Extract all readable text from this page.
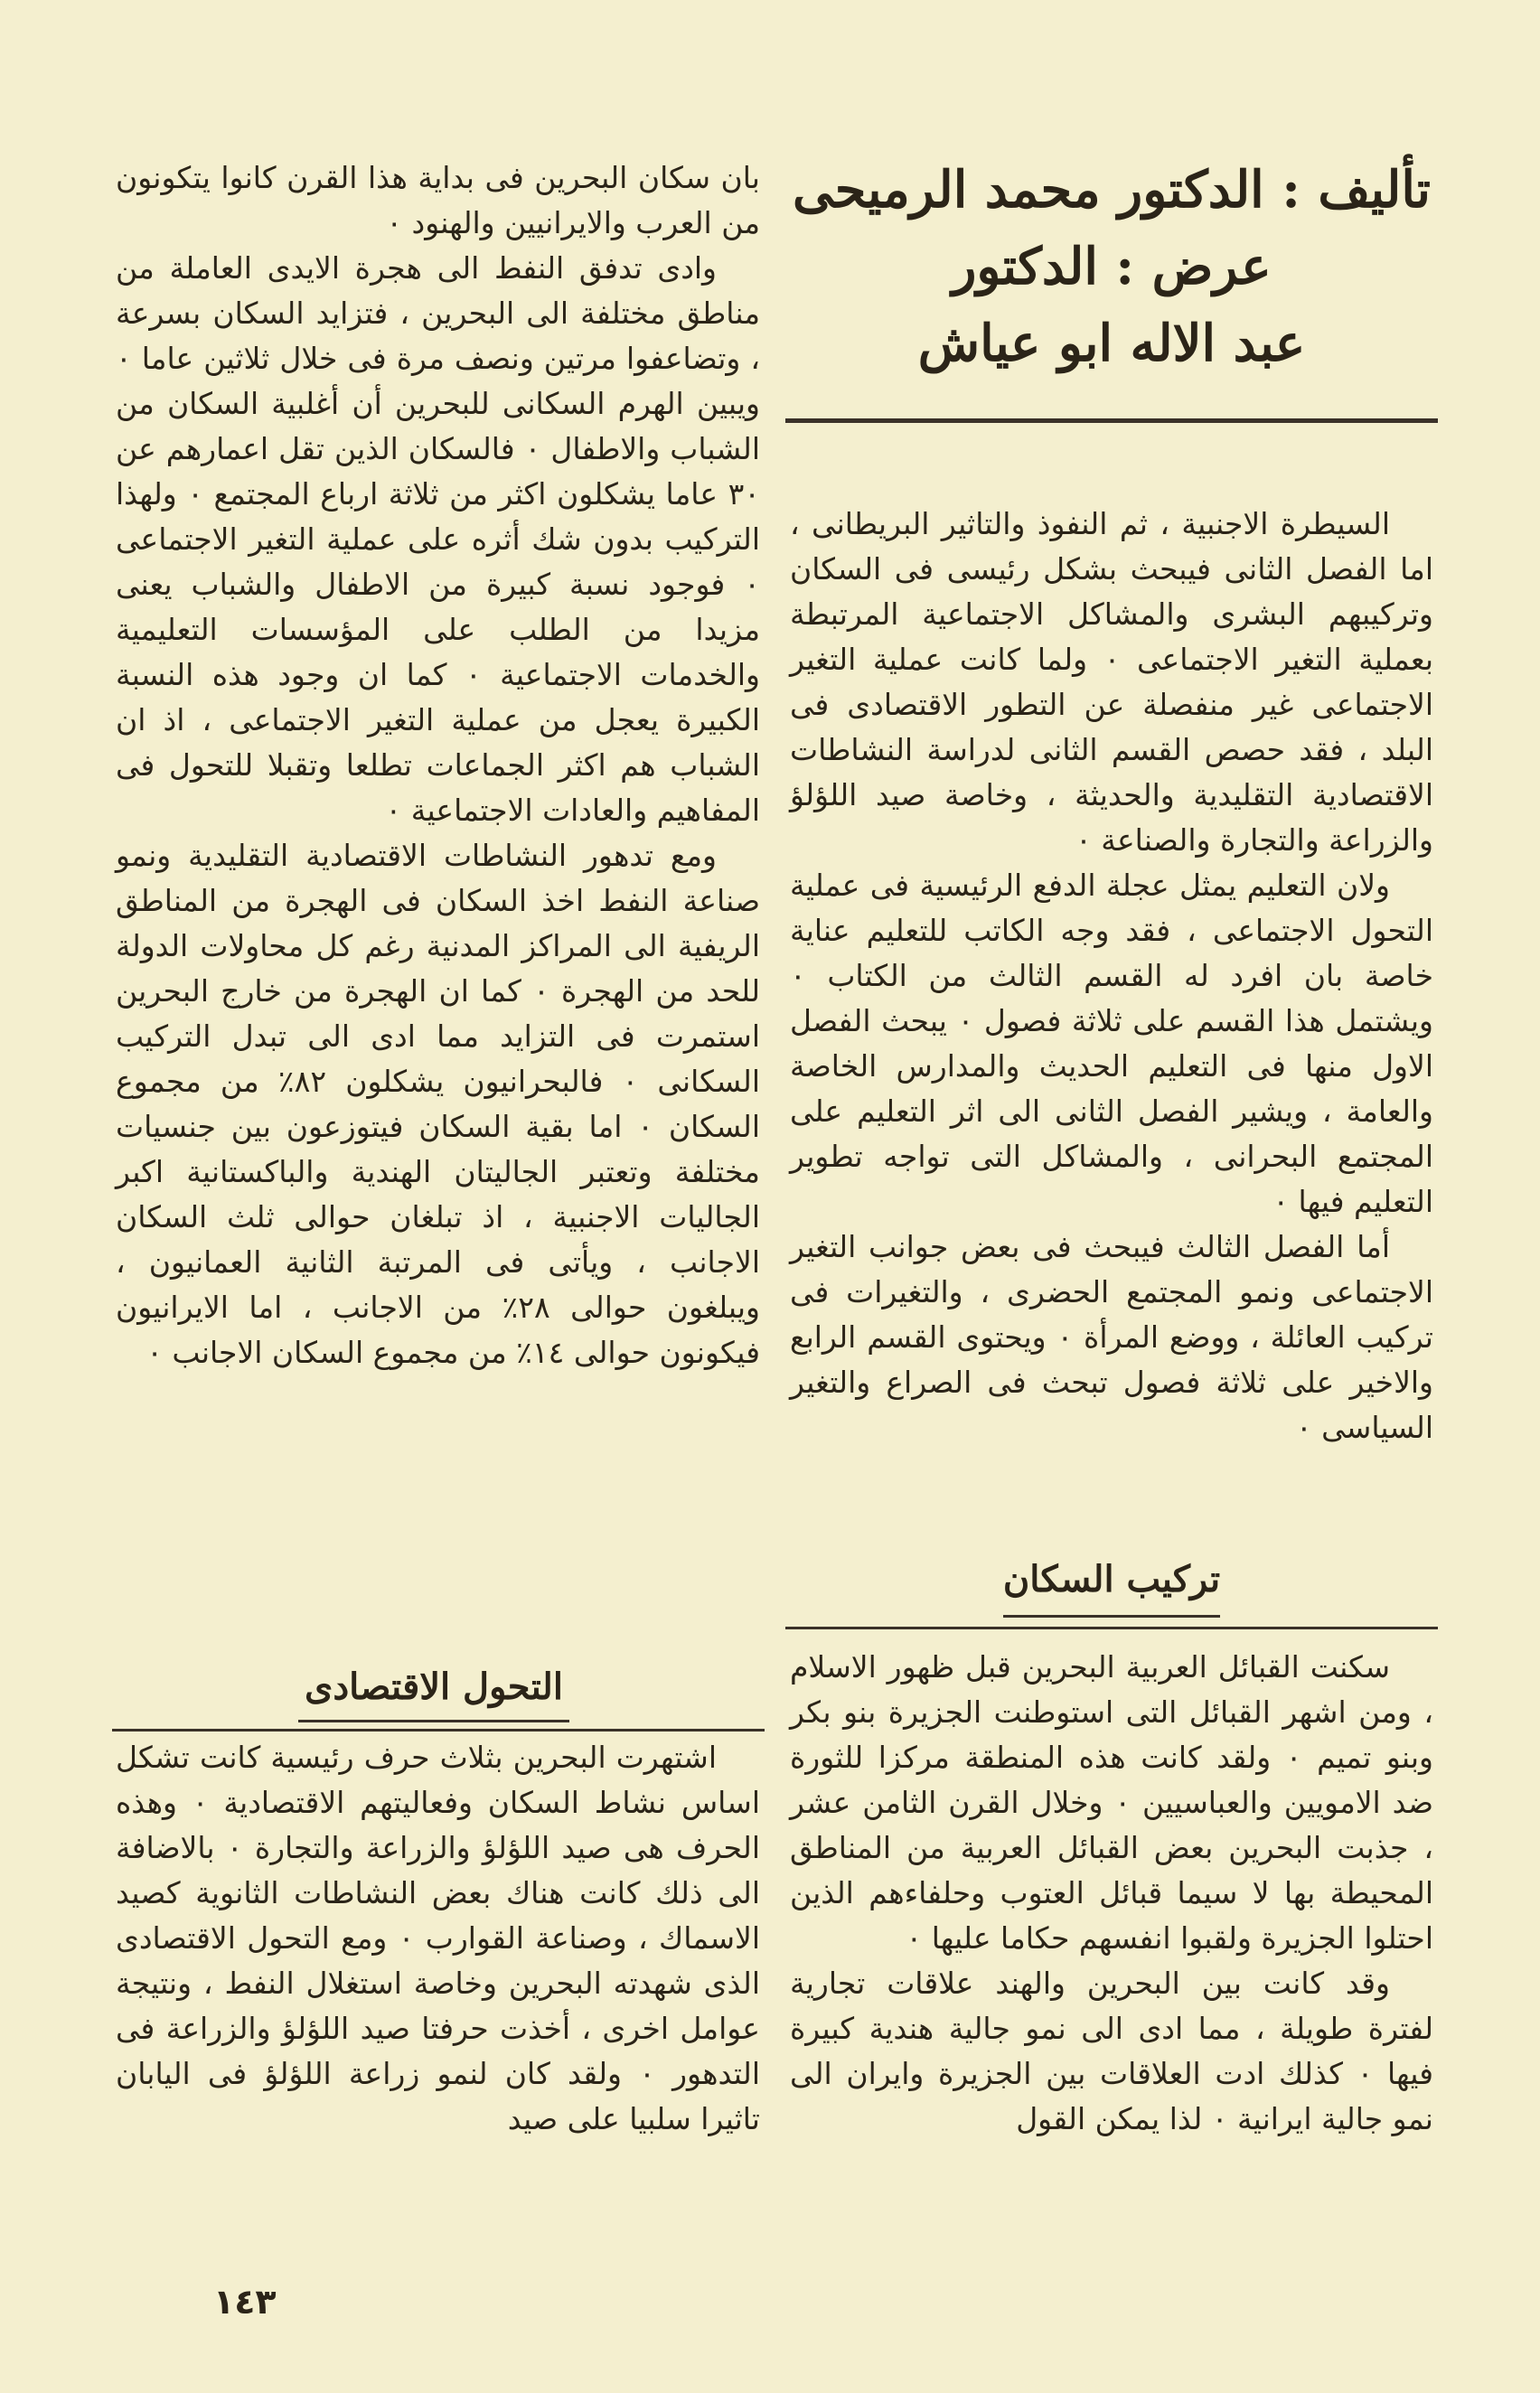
تأليف : الدكتور محمد الرميحى
عرض : الدكتور
عبد الاله ابو عياش

السيطرة الاجنبية ، ثم النفوذ والتاثير البريطانى ، اما الفصل الثانى فيبحث بشكل رئيسى فى السكان وتركيبهم البشرى والمشاكل الاجتماعية المرتبطة بعملية التغير الاجتماعى ٠ ولما كانت عملية التغير الاجتماعى غير منفصلة عن التطور الاقتصادى فى البلد ، فقد حصص القسم الثانى لدراسة النشاطات الاقتصادية التقليدية والحديثة ، وخاصة صيد اللؤلؤ والزراعة والتجارة والصناعة ٠

ولان التعليم يمثل عجلة الدفع الرئيسية فى عملية التحول الاجتماعى ، فقد وجه الكاتب للتعليم عناية خاصة بان افرد له القسم الثالث من الكتاب ٠ ويشتمل هذا القسم على ثلاثة فصول ٠ يبحث الفصل الاول منها فى التعليم الحديث والمدارس الخاصة والعامة ، ويشير الفصل الثانى الى اثر التعليم على المجتمع البحرانى ، والمشاكل التى تواجه تطوير التعليم فيها ٠

أما الفصل الثالث فيبحث فى بعض جوانب التغير الاجتماعى ونمو المجتمع الحضرى ، والتغيرات فى تركيب العائلة ، ووضع المرأة ٠ ويحتوى القسم الرابع والاخير على ثلاثة فصول تبحث فى الصراع والتغير السياسى ٠

تركيب السكان

سكنت القبائل العربية البحرين قبل ظهور الاسلام ، ومن اشهر القبائل التى استوطنت الجزيرة بنو بكر وبنو تميم ٠ ولقد كانت هذه المنطقة مركزا للثورة ضد الامويين والعباسيين ٠ وخلال القرن الثامن عشر ، جذبت البحرين بعض القبائل العربية من المناطق المحيطة بها لا سيما قبائل العتوب وحلفاءهم الذين احتلوا الجزيرة ولقبوا انفسهم حكاما عليها ٠

وقد كانت بين البحرين والهند علاقات تجارية لفترة طويلة ، مما ادى الى نمو جالية هندية كبيرة فيها ٠ كذلك ادت العلاقات بين الجزيرة وايران الى نمو جالية ايرانية ٠ لذا يمكن القول

بان سكان البحرين فى بداية هذا القرن كانوا يتكونون من العرب والايرانيين والهنود ٠

وادى تدفق النفط الى هجرة الايدى العاملة من مناطق مختلفة الى البحرين ، فتزايد السكان بسرعة ، وتضاعفوا مرتين ونصف مرة فى خلال ثلاثين عاما ٠ ويبين الهرم السكانى للبحرين أن أغلبية السكان من الشباب والاطفال ٠ فالسكان الذين تقل اعمارهم عن ٣٠ عاما يشكلون اكثر من ثلاثة ارباع المجتمع ٠ ولهذا التركيب بدون شك أثره على عملية التغير الاجتماعى ٠ فوجود نسبة كبيرة من الاطفال والشباب يعنى مزيدا من الطلب على المؤسسات التعليمية والخدمات الاجتماعية ٠ كما ان وجود هذه النسبة الكبيرة يعجل من عملية التغير الاجتماعى ، اذ ان الشباب هم اكثر الجماعات تطلعا وتقبلا للتحول فى المفاهيم والعادات الاجتماعية ٠

ومع تدهور النشاطات الاقتصادية التقليدية ونمو صناعة النفط اخذ السكان فى الهجرة من المناطق الريفية الى المراكز المدنية رغم كل محاولات الدولة للحد من الهجرة ٠ كما ان الهجرة من خارج البحرين استمرت فى التزايد مما ادى الى تبدل التركيب السكانى ٠ فالبحرانيون يشكلون ٨٢٪ من مجموع السكان ٠ اما بقية السكان فيتوزعون بين جنسيات مختلفة وتعتبر الجاليتان الهندية والباكستانية اكبر الجاليات الاجنبية ، اذ تبلغان حوالى ثلث السكان الاجانب ، ويأتى فى المرتبة الثانية العمانيون ، ويبلغون حوالى ٢٨٪ من الاجانب ، اما الايرانيون فيكونون حوالى ١٤٪ من مجموع السكان الاجانب ٠

التحول الاقتصادى

اشتهرت البحرين بثلاث حرف رئيسية كانت تشكل اساس نشاط السكان وفعاليتهم الاقتصادية ٠ وهذه الحرف هى صيد اللؤلؤ والزراعة والتجارة ٠ بالاضافة الى ذلك كانت هناك بعض النشاطات الثانوية كصيد الاسماك ، وصناعة القوارب ٠ ومع التحول الاقتصادى الذى شهدته البحرين وخاصة استغلال النفط ، ونتيجة عوامل اخرى ، أخذت حرفتا صيد اللؤلؤ والزراعة فى التدهور ٠ ولقد كان لنمو زراعة اللؤلؤ فى اليابان تاثيرا سلبيا على صيد

١٤٣
